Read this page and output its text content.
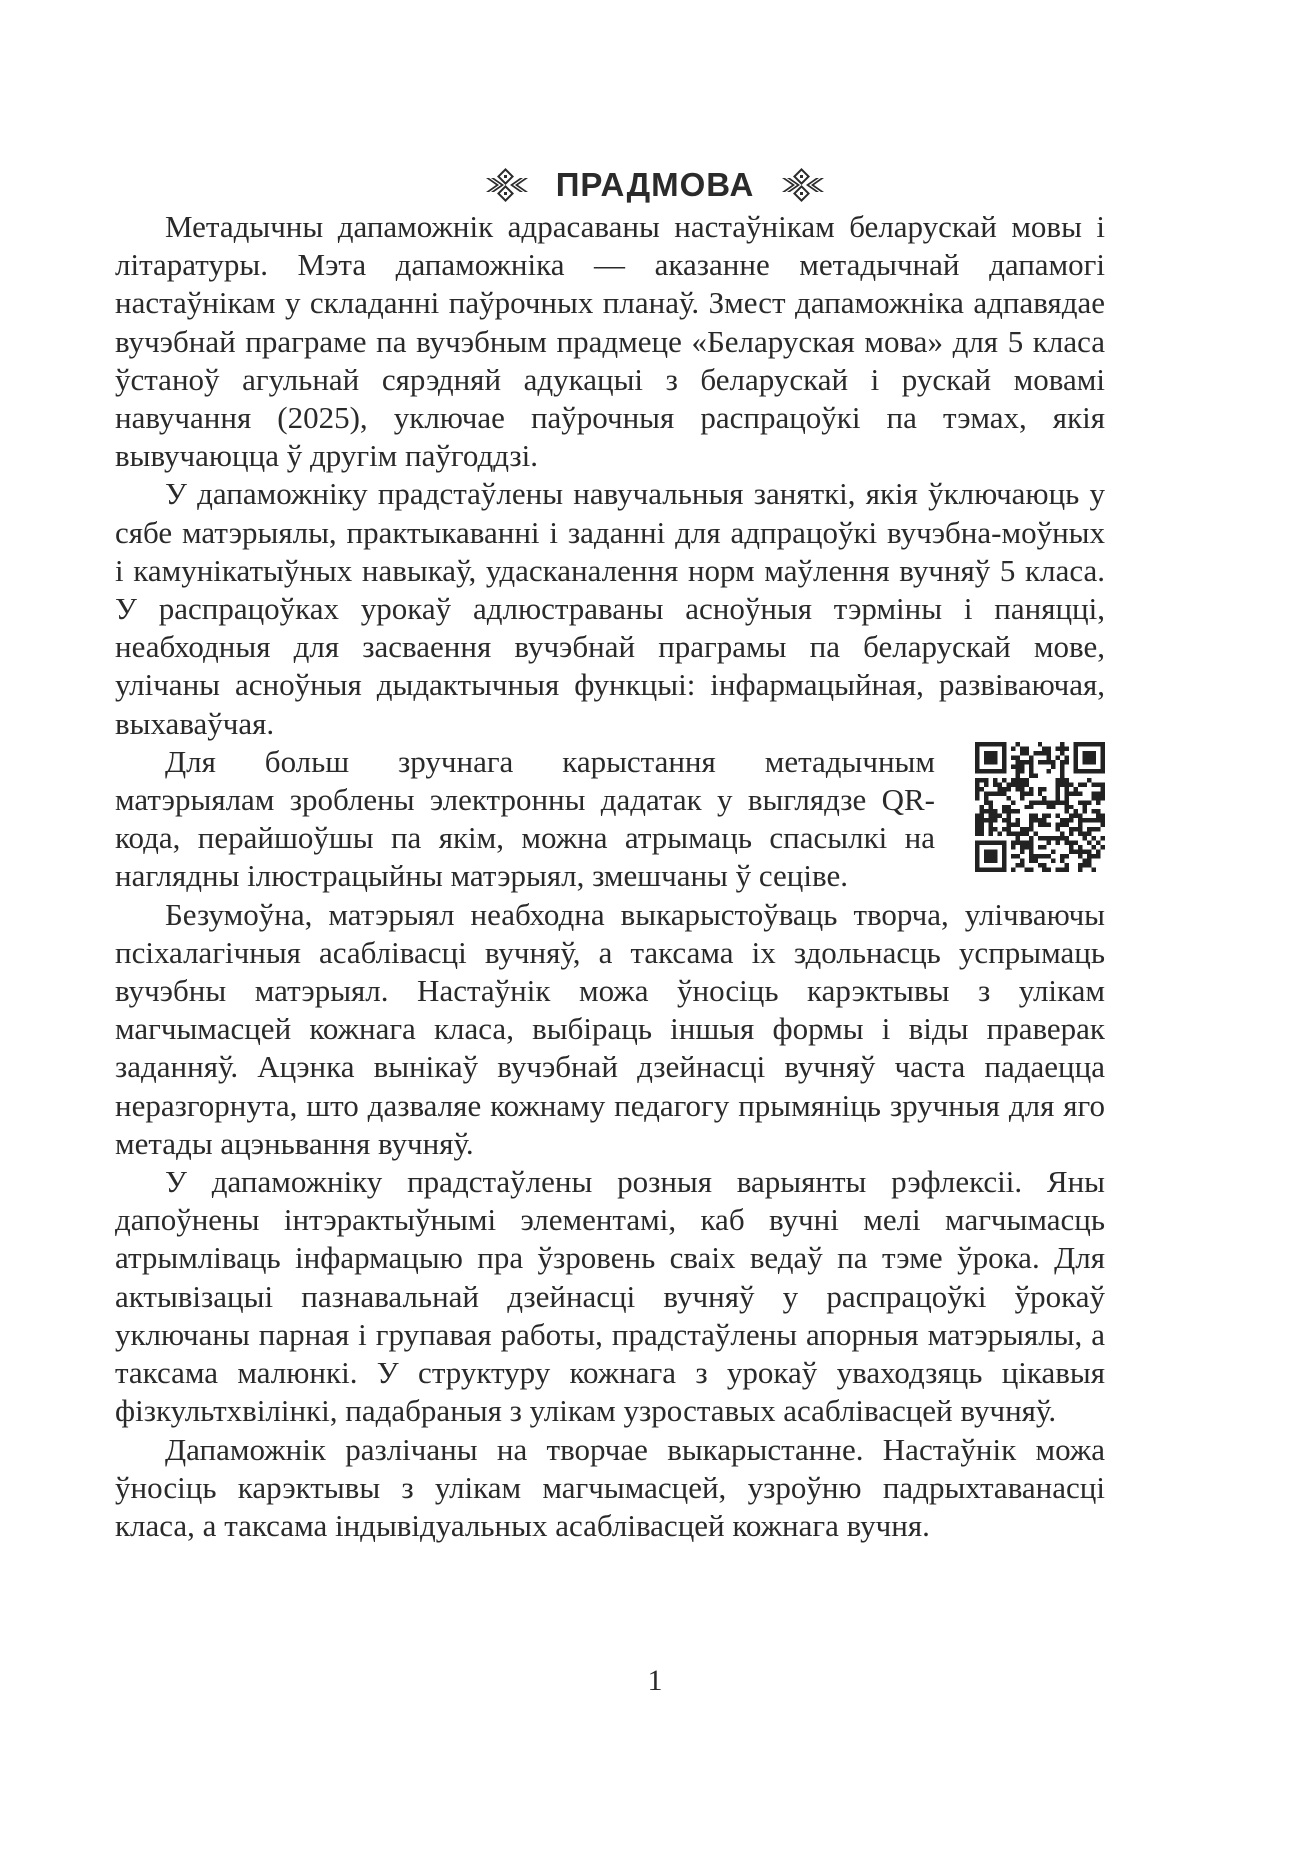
ПРАДМОВА

Метадычны дапаможнік адрасаваны настаўнікам беларускай мовы і літаратуры. Мэта дапаможніка — аказанне метадычнай дапамогі настаўнікам у складанні паўрочных планаў. Змест дапаможніка адпавядае вучэбнай праграме па вучэбным прадмеце «Беларуская мова» для 5 класа ўстаноў агульнай сярэдняй адукацыі з беларускай і рускай мовамі навучання (2025), уключае паўрочныя распрацоўкі па тэмах, якія вывучаюцца ў другім паўгоддзі.

У дапаможніку прадстаўлены навучальныя заняткі, якія ўключаюць у сябе матэрыялы, практыкаванні і заданні для адпрацоўкі вучэбна-моўных і камунікатыўных навыкаў, удасканалення норм маўлення вучняў 5 класа. У распрацоўках урокаў адлюстраваны асноўныя тэрміны і паняцці, неабходныя для засваення вучэбнай праграмы па беларускай мове, улічаны асноўныя дыдактычныя функцыі: інфармацыйная, развіваючая, выхаваўчая.

Для больш зручнага карыстання метадычным матэрыялам зроблены электронны дадатак у выглядзе QR-кода, перайшоўшы па якім, можна атрымаць спасылкі на наглядны ілюстрацыйны матэрыял, змешчаны ў сеціве.

Безумоўна, матэрыял неабходна выкарыстоўваць творча, улічваючы псіхалагічныя асаблівасці вучняў, а таксама іх здольнасць успрымаць вучэбны матэрыял. Настаўнік можа ўносіць карэктывы з улікам магчымасцей кожнага класа, выбіраць іншыя формы і віды праверак заданняў. Ацэнка вынікаў вучэбнай дзейнасці вучняў часта падаецца неразгорнута, што дазваляе кожнаму педагогу прымяніць зручныя для яго метады ацэньвання вучняў.

У дапаможніку прадстаўлены розныя варыянты рэфлексіі. Яны дапоўнены інтэрактыўнымі элементамі, каб вучні мелі магчымасць атрымліваць інфармацыю пра ўзровень сваіх ведаў па тэме ўрока. Для актывізацыі пазнавальнай дзейнасці вучняў у распрацоўкі ўрокаў уключаны парная і групавая работы, прадстаўлены апорныя матэрыялы, а таксама малюнкі. У структуру кожнага з урокаў уваходзяць цікавыя фізкультхвілінкі, падабраныя з улікам узроставых асаблівасцей вучняў.

Дапаможнік разлічаны на творчае выкарыстанне. Настаўнік можа ўносіць карэктывы з улікам магчымасцей, узроўню падрыхтаванасці класа, а таксама індывідуальных асаблівасцей кожнага вучня.

1
